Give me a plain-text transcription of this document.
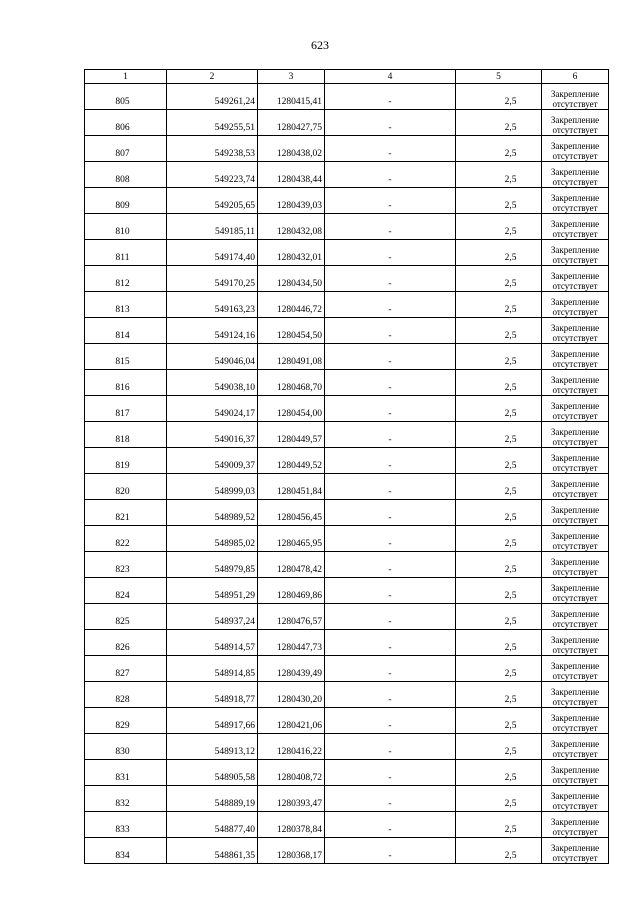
623
1	2	3	4	5	6
805	549261,24	1280415,41	-	2,5	Закрепление
отсутствует

806	549255,51	1280427,75	-	2,5	Закрепление
отсутствует

807	549238,53	1280438,02	-	2,5	Закрепление
отсутствует

808	549223,74	1280438,44	-	2,5	Закрепление
отсутствует

809	549205,65	1280439,03	-	2,5	Закрепление
отсутствует

810	549185,11	1280432,08	-	2,5	Закрепление
отсутствует

811	549174,40	1280432,01	-	2,5	Закрепление
отсутствует

812	549170,25	1280434,50	-	2,5	Закрепление
отсутствует

813	549163,23	1280446,72	-	2,5	Закрепление
отсутствует

814	549124,16	1280454,50	-	2,5	Закрепление
отсутствует

815	549046,04	1280491,08	-	2,5	Закрепление
отсутствует

816	549038,10	1280468,70	-	2,5	Закрепление
отсутствует

817	549024,17	1280454,00	-	2,5	Закрепление
отсутствует

818	549016,37	1280449,57	-	2,5	Закрепление
отсутствует

819	549009,37	1280449,52	-	2,5	Закрепление
отсутствует

820	548999,03	1280451,84	-	2,5	Закрепление
отсутствует

821	548989,52	1280456,45	-	2,5	Закрепление
отсутствует

822	548985,02	1280465,95	-	2,5	Закрепление
отсутствует

823	548979,85	1280478,42	-	2,5	Закрепление
отсутствует

824	548951,29	1280469,86	-	2,5	Закрепление
отсутствует

825	548937,24	1280476,57	-	2,5	Закрепление
отсутствует

826	548914,57	1280447,73	-	2,5	Закрепление
отсутствует

827	548914,85	1280439,49	-	2,5	Закрепление
отсутствует

828	548918,77	1280430,20	-	2,5	Закрепление
отсутствует

829	548917,66	1280421,06	-	2,5	Закрепление
отсутствует

830	548913,12	1280416,22	-	2,5	Закрепление
отсутствует

831	548905,58	1280408,72	-	2,5	Закрепление
отсутствует

832	548889,19	1280393,47	-	2,5	Закрепление
отсутствует

833	548877,40	1280378,84	-	2,5	Закрепление
отсутствует

834	548861,35	1280368,17	-	2,5	Закрепление
отсутствует
